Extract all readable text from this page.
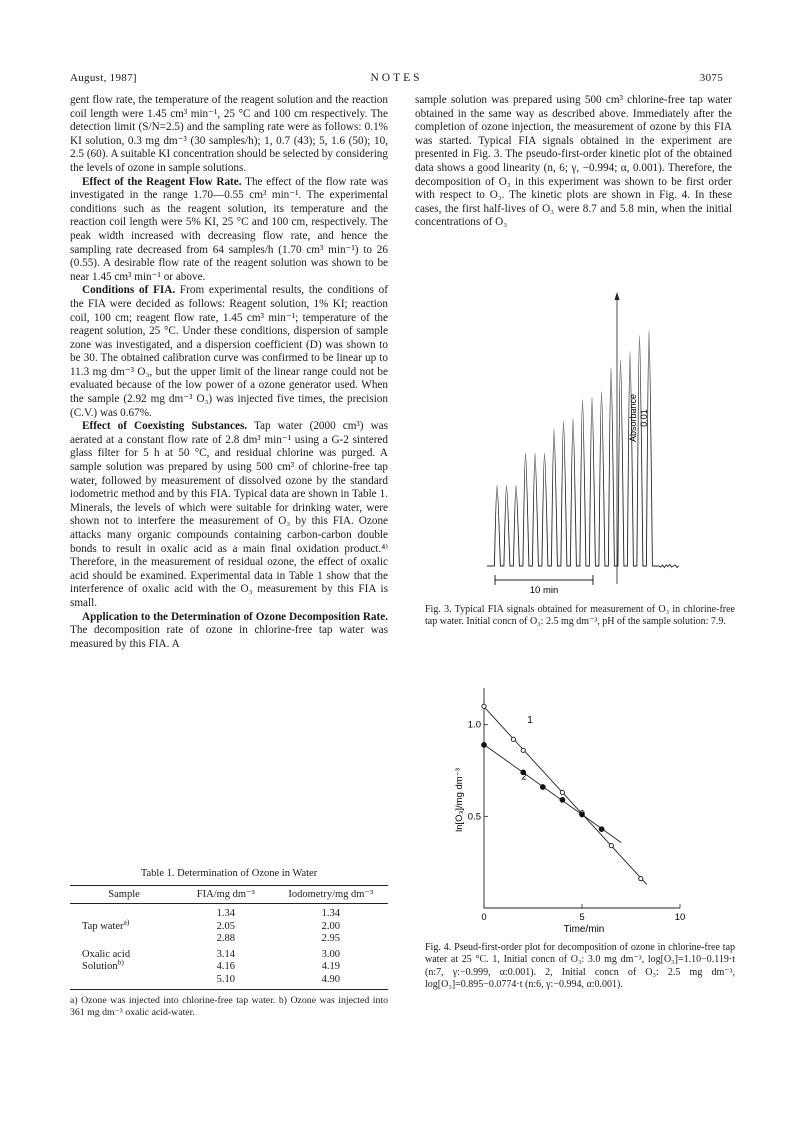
August, 1987]	NOTES	3075

gent flow rate, the temperature of the reagent solution and the reaction coil length were 1.45 cm³ min⁻¹, 25 °C and 100 cm respectively. The detection limit (S/N=2.5) and the sampling rate were as follows: 0.1% KI solution, 0.3 mg dm⁻³ (30 samples/h); 1, 0.7 (43); 5, 1.6 (50); 10, 2.5 (60). A suitable KI concentration should be selected by considering the levels of ozone in sample solutions.

Effect of the Reagent Flow Rate. The effect of the flow rate was investigated in the range 1.70—0.55 cm³ min⁻¹. The experimental conditions such as the reagent solution, its temperature and the reaction coil length were 5% KI, 25 °C and 100 cm, respectively. The peak width increased with decreasing flow rate, and hence the sampling rate decreased from 64 samples/h (1.70 cm³ min⁻¹) to 26 (0.55). A desirable flow rate of the reagent solution was shown to be near 1.45 cm³ min⁻¹ or above.

Conditions of FIA. From experimental results, the conditions of the FIA were decided as follows: Reagent solution, 1% KI; reaction coil, 100 cm; reagent flow rate, 1.45 cm³ min⁻¹; temperature of the reagent solution, 25 °C. Under these conditions, dispersion of sample zone was investigated, and a dispersion coefficient (D) was shown to be 30. The obtained calibration curve was confirmed to be linear up to 11.3 mg dm⁻³ O₃, but the upper limit of the linear range could not be evaluated because of the low power of a ozone generator used. When the sample (2.92 mg dm⁻³ O₃) was injected five times, the precision (C.V.) was 0.67%.

Effect of Coexisting Substances. Tap water (2000 cm³) was aerated at a constant flow rate of 2.8 dm³ min⁻¹ using a G-2 sintered glass filter for 5 h at 50 °C, and residual chlorine was purged. A sample solution was prepared by using 500 cm³ of chlorine-free tap water, followed by measurement of dissolved ozone by the standard iodometric method and by this FIA. Typical data are shown in Table 1. Minerals, the levels of which were suitable for drinking water, were shown not to interfere the measurement of O₃ by this FIA. Ozone attacks many organic compounds containing carbon-carbon double bonds to result in oxalic acid as a main final oxidation product.⁴⁾ Therefore, in the measurement of residual ozone, the effect of oxalic acid should be examined. Experimental data in Table 1 show that the interference of oxalic acid with the O₃ measurement by this FIA is small.

Application to the Determination of Ozone Decomposition Rate. The decomposition rate of ozone in chlorine-free tap water was measured by this FIA. A

sample solution was prepared using 500 cm³ chlorine-free tap water obtained in the same way as described above. Immediately after the completion of ozone injection, the measurement of ozone by this FIA was started. Typical FIA signals obtained in the experiment are presented in Fig. 3. The pseudo-first-order kinetic plot of the obtained data shows a good linearity (n, 6; γ, −0.994; α, 0.001). Therefore, the decomposition of O₃ in this experiment was shown to be first order with respect to O₃. The kinetic plots are shown in Fig. 4. In these cases, the first half-lives of O₃ were 8.7 and 5.8 min, when the initial concentrations of O₃

Table 1. Determination of Ozone in Water
Sample	FIA/mg dm⁻³	Iodometry/mg dm⁻³
	1.34	1.34
Tap water$^{a)}$	2.05	2.00
	2.88	2.95
Oxalic acid	3.14	3.00
Solution$^{b)}$	4.16	4.19
	5.10	4.90
a) Ozone was injected into chlorine-free tap water. b) Ozone was injected into 361 mg dm⁻³ oxalic acid-water.
10 min
Absorbance 0.01
Fig. 3. Typical FIA signals obtained for measurement of O₃ in chlorine-free tap water. Initial concn of O₃: 2.5 mg dm⁻³, pH of the sample solution: 7.9.
0	5	10
1.0
0.5
1
2
ln[O₃]/mg dm⁻³
Time/min
Fig. 4. Pseud-first-order plot for decomposition of ozone in chlorine-free tap water at 25 °C. 1, Initial concn of O₃: 3.0 mg dm⁻³, log[O₃]=1.10−0.119·t (n:7, γ:−0.999, α:0.001). 2, Initial concn of O₃: 2.5 mg dm⁻³, log[O₃]=0.895−0.0774·t (n:6, γ:−0.994, α:0.001).
